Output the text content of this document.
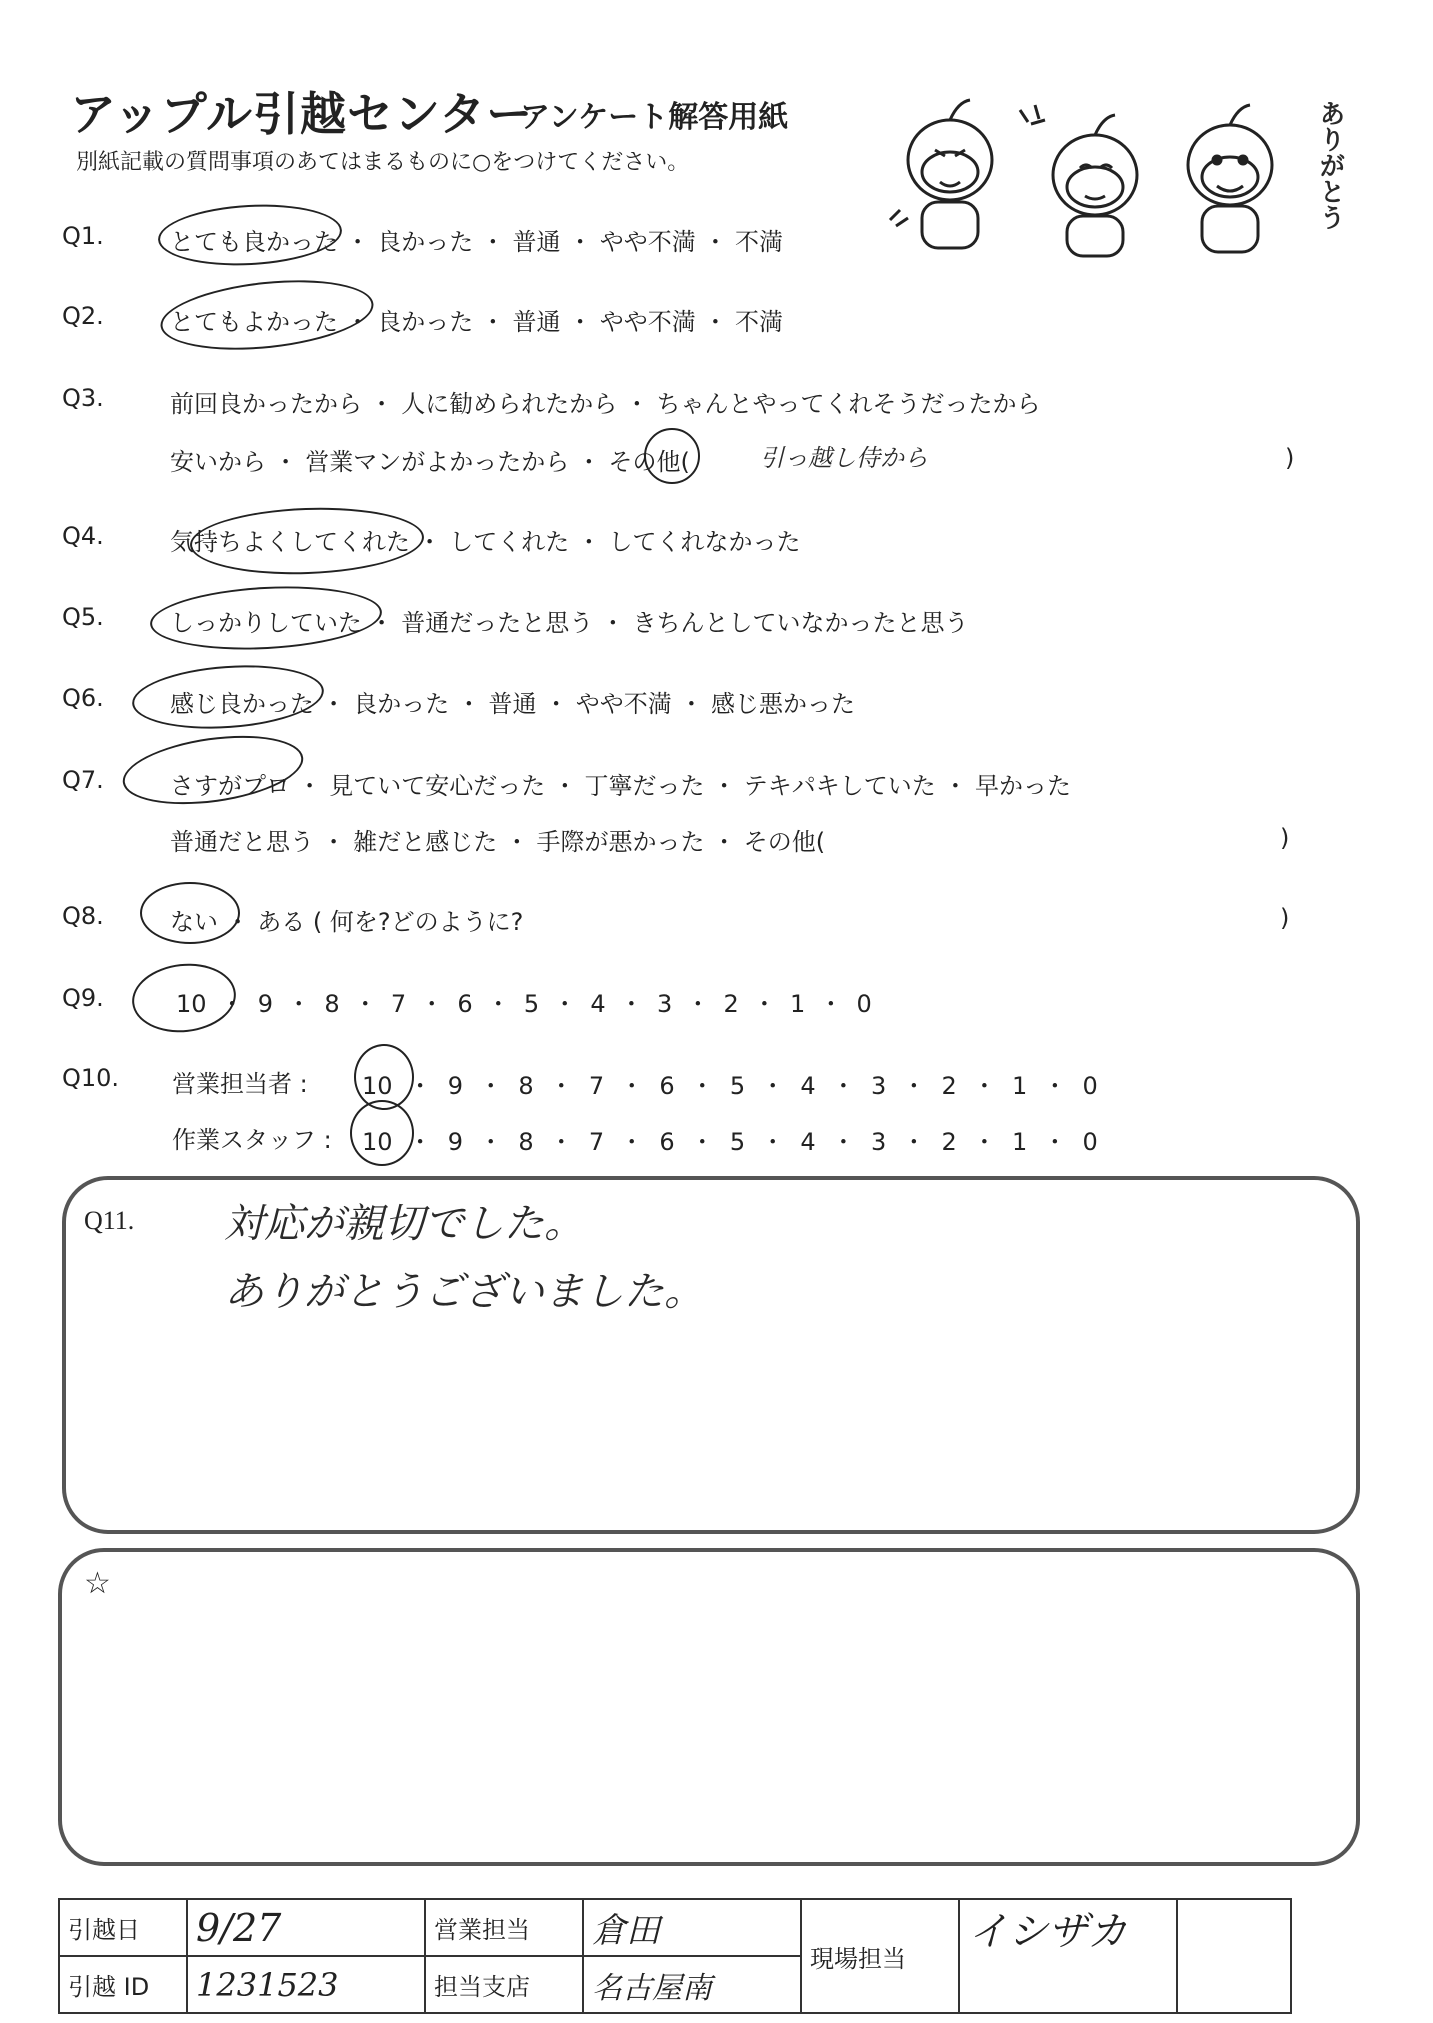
アップル引越センター
アンケート解答用紙
別紙記載の質問事項のあてはまるものに○をつけてください。	ありがとう
Q1.	とても良かった ・ 良かった ・ 普通 ・ やや不満 ・ 不満
Q2.	とてもよかった ・ 良かった ・ 普通 ・ やや不満 ・ 不満
Q3.	前回良かったから ・ 人に勧められたから ・ ちゃんとやってくれそうだったから
安いから ・ 営業マンがよかったから ・ その他(	引っ越し侍から	)
Q4.	気持ちよくしてくれた ・ してくれた ・ してくれなかった
Q5.	しっかりしていた ・ 普通だったと思う ・ きちんとしていなかったと思う
Q6.	感じ良かった ・ 良かった ・ 普通 ・ やや不満 ・ 感じ悪かった
Q7.	さすがプロ ・ 見ていて安心だった ・ 丁寧だった ・ テキパキしていた ・ 早かった
普通だと思う ・ 雑だと感じた ・ 手際が悪かった ・ その他(	)
Q8.	ない ・ ある ( 何を?どのように?	)
Q9.	10 ・ 9 ・ 8 ・ 7 ・ 6 ・ 5 ・ 4 ・ 3 ・ 2 ・ 1 ・ 0
Q10. 営業担当者 : 10 ・ 9 ・ 8 ・ 7 ・ 6 ・ 5 ・ 4 ・ 3 ・ 2 ・ 1 ・ 0
作業スタッフ : 10 ・ 9 ・ 8 ・ 7 ・ 6 ・ 5 ・ 4 ・ 3 ・ 2 ・ 1 ・ 0
Q11. 対応が親切でした。
ありがとうございました。
☆
引越日	9/27	営業担当	倉田	現場担当	イシザカ	
引越 ID	1231523	担当支店	名古屋南			
